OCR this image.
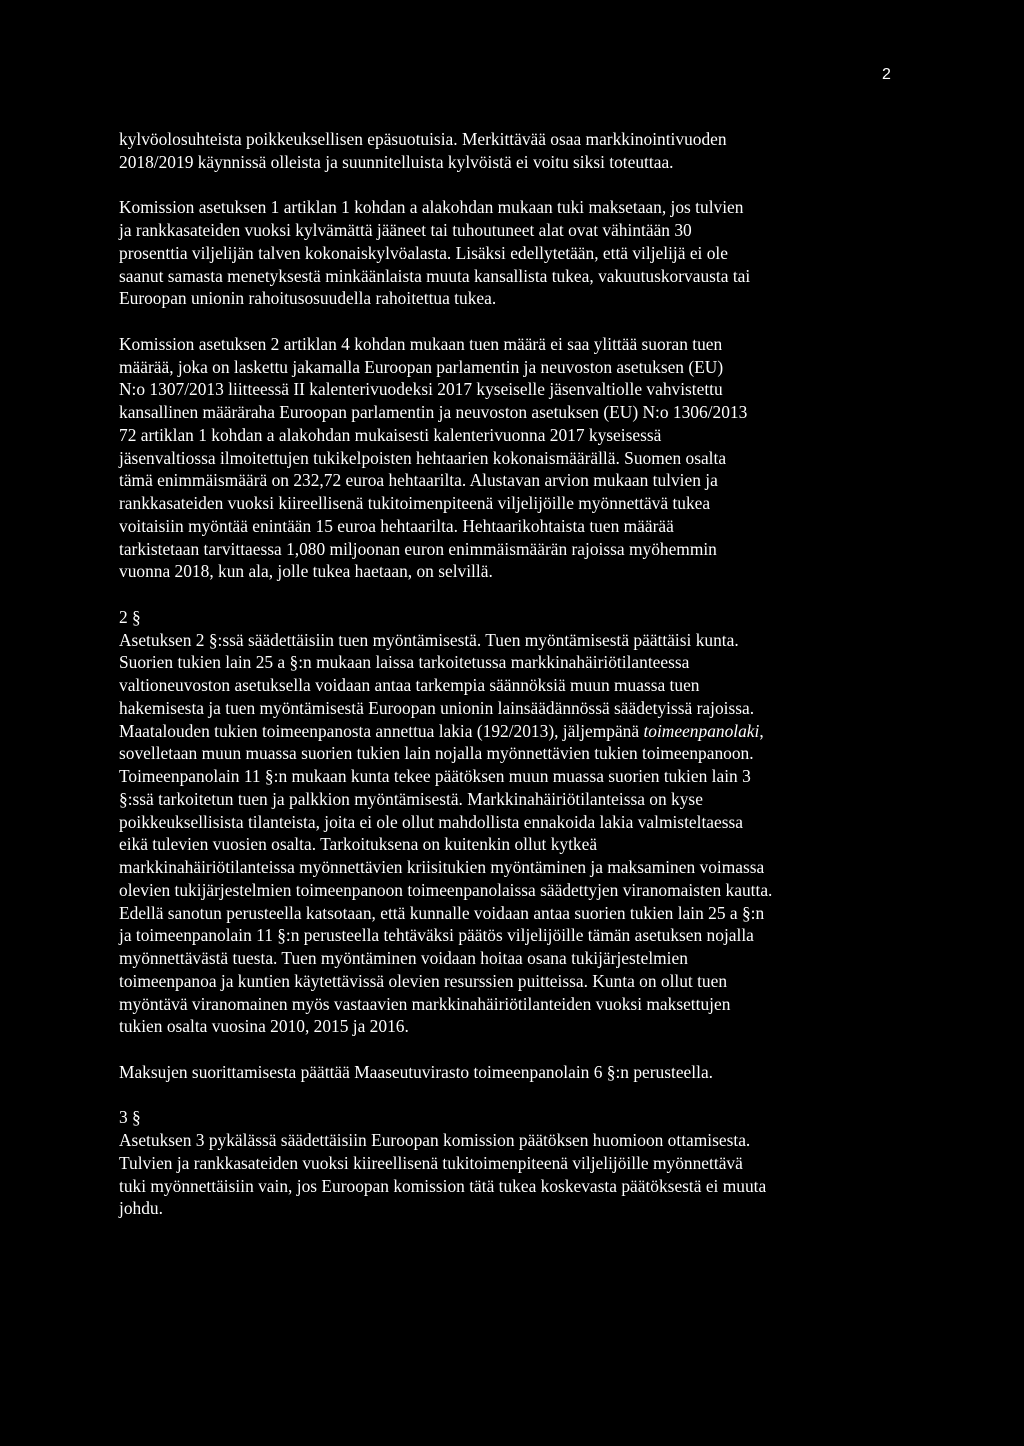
2
kylvöolosuhteista poikkeuksellisen epäsuotuisia. Merkittävää osaa markkinointivuoden
2018/2019 käynnissä olleista ja suunnitelluista kylvöistä ei voitu siksi toteuttaa.
Komission asetuksen 1 artiklan 1 kohdan a alakohdan mukaan tuki maksetaan, jos tulvien
ja rankkasateiden vuoksi kylvämättä jääneet tai tuhoutuneet alat ovat vähintään 30
prosenttia viljelijän talven kokonaiskylvöalasta. Lisäksi edellytetään, että viljelijä ei ole
saanut samasta menetyksestä minkäänlaista muuta kansallista tukea, vakuutuskorvausta tai
Euroopan unionin rahoitusosuudella rahoitettua tukea.
Komission asetuksen 2 artiklan 4 kohdan mukaan tuen määrä ei saa ylittää suoran tuen
määrää, joka on laskettu jakamalla Euroopan parlamentin ja neuvoston asetuksen (EU)
N:o 1307/2013 liitteessä II kalenterivuodeksi 2017 kyseiselle jäsenvaltiolle vahvistettu
kansallinen määräraha Euroopan parlamentin ja neuvoston asetuksen (EU) N:o 1306/2013
72 artiklan 1 kohdan a alakohdan mukaisesti kalenterivuonna 2017 kyseisessä
jäsenvaltiossa ilmoitettujen tukikelpoisten hehtaarien kokonaismäärällä. Suomen osalta
tämä enimmäismäärä on 232,72 euroa hehtaarilta. Alustavan arvion mukaan tulvien ja
rankkasateiden vuoksi kiireellisenä tukitoimenpiteenä viljelijöille myönnettävä tukea
voitaisiin myöntää enintään 15 euroa hehtaarilta. Hehtaarikohtaista tuen määrää
tarkistetaan tarvittaessa 1,080 miljoonan euron enimmäismäärän rajoissa myöhemmin
vuonna 2018, kun ala, jolle tukea haetaan, on selvillä.
2 §
Asetuksen 2 §:ssä säädettäisiin tuen myöntämisestä. Tuen myöntämisestä päättäisi kunta.
Suorien tukien lain 25 a §:n mukaan laissa tarkoitetussa markkinahäiriötilanteessa
valtioneuvoston asetuksella voidaan antaa tarkempia säännöksiä muun muassa tuen
hakemisesta ja tuen myöntämisestä Euroopan unionin lainsäädännössä säädetyissä rajoissa.
Maatalouden tukien toimeenpanosta annettua lakia (192/2013), jäljempänä toimeenpanolaki,
sovelletaan muun muassa suorien tukien lain nojalla myönnettävien tukien toimeenpanoon.
Toimeenpanolain 11 §:n mukaan kunta tekee päätöksen muun muassa suorien tukien lain 3
§:ssä tarkoitetun tuen ja palkkion myöntämisestä. Markkinahäiriötilanteissa on kyse
poikkeuksellisista tilanteista, joita ei ole ollut mahdollista ennakoida lakia valmisteltaessa
eikä tulevien vuosien osalta. Tarkoituksena on kuitenkin ollut kytkeä
markkinahäiriötilanteissa myönnettävien kriisitukien myöntäminen ja maksaminen voimassa
olevien tukijärjestelmien toimeenpanoon toimeenpanolaissa säädettyjen viranomaisten kautta.
Edellä sanotun perusteella katsotaan, että kunnalle voidaan antaa suorien tukien lain 25 a §:n
ja toimeenpanolain 11 §:n perusteella tehtäväksi päätös viljelijöille tämän asetuksen nojalla
myönnettävästä tuesta. Tuen myöntäminen voidaan hoitaa osana tukijärjestelmien
toimeenpanoa ja kuntien käytettävissä olevien resurssien puitteissa. Kunta on ollut tuen
myöntävä viranomainen myös vastaavien markkinahäiriötilanteiden vuoksi maksettujen
tukien osalta vuosina 2010, 2015 ja 2016.
Maksujen suorittamisesta päättää Maaseutuvirasto toimeenpanolain 6 §:n perusteella.
3 §
Asetuksen 3 pykälässä säädettäisiin Euroopan komission päätöksen huomioon ottamisesta.
Tulvien ja rankkasateiden vuoksi kiireellisenä tukitoimenpiteenä viljelijöille myönnettävä
tuki myönnettäisiin vain, jos Euroopan komission tätä tukea koskevasta päätöksestä ei muuta
johdu.
